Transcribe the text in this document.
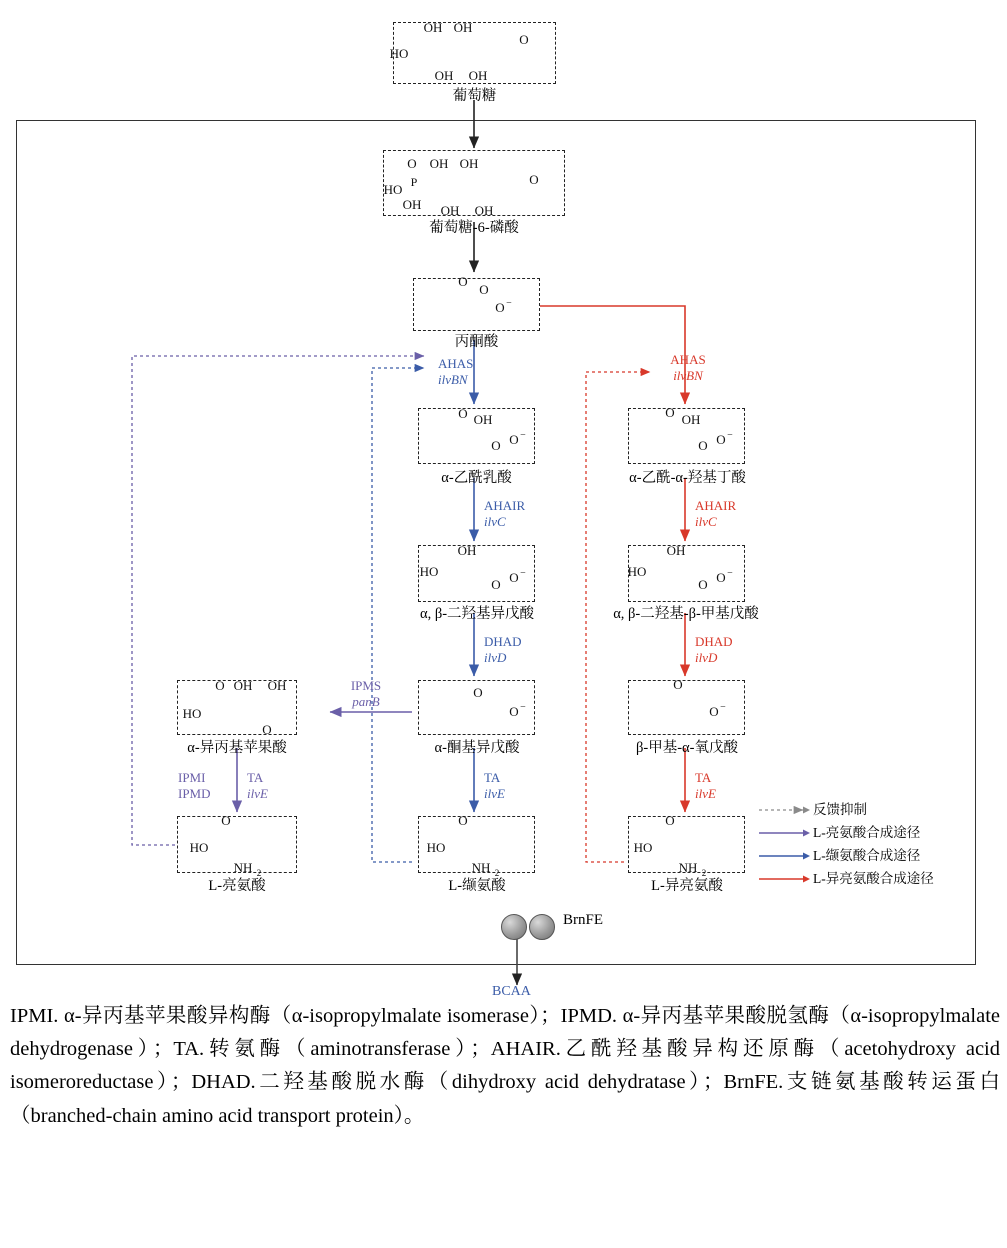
葡萄糖
葡萄糖-6-磷酸
丙酮酸
α-乙酰乳酸
α, β-二羟基异戊酸
α-酮基异戊酸
α-异丙基苹果酸
L-亮氨酸	L-缬氨酸
α-乙酰-α-羟基丁酸
α, β-二羟基-β-甲基戊酸
β-甲基-α-氧戊酸
L-异亮氨酸
HO
OH OH
OH OH
O
HO
O
OH
P
OH OH
OH OH
O
O
O
O −
O OH
O O −
OH
HO
O O −
O
O −
O OH OH
HO
O
O
HO
NH 2
O
HO
NH 2
O OH
O O −
OH
HO
O O −
O
O −
O
HO
NH 2
AHAS
ilvBN
AHAIR
ilvC
DHAD
ilvD
TA
ilvE
IPMS
panB
IPMI
IPMD
TA
ilvE
AHAS
ilvBN
AHAIR
ilvC
DHAD
ilvD
TA
ilvE
反馈抑制
L-亮氨酸合成途径
L-缬氨酸合成途径
L-异亮氨酸合成途径
BrnFE
BCAA
IPMI. α-异丙基苹果酸异构酶（α-isopropylmalate isomerase）；IPMD. α-异丙基苹果酸脱氢酶（α-isopropylmalate dehydrogenase）；TA.转氨酶（aminotransferase）；AHAIR.乙酰羟基酸异构还原酶（acetohydroxy acid isomeroreductase）；DHAD.二羟基酸脱水酶（dihydroxy acid dehydratase）；BrnFE.支链氨基酸转运蛋白（branched-chain amino acid transport protein）。
